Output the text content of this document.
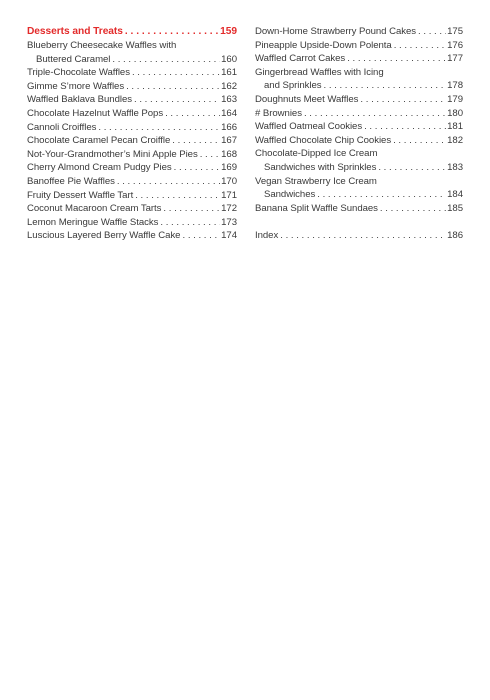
Desserts and Treats . . .	159
Blueberry Cheesecake Waffles with
Buttered Caramel . . .	160
Triple-Chocolate Waffles . . .	161
Gimme S’more Waffles . . .	162
Waffled Baklava Bundles . . .	163
Chocolate Hazelnut Waffle Pops . . .	164
Cannoli Croiffles . . .	166
Chocolate Caramel Pecan Croiffle . . .	167
Not-Your-Grandmother’s Mini Apple Pies . . . 168
Cherry Almond Cream Pudgy Pies . . .	169
Banoffee Pie Waffles . . .	170
Fruity Dessert Waffle Tart . . .	171
Coconut Macaroon Cream Tarts . . .	172
Lemon Meringue Waffle Stacks . . .	173
Luscious Layered Berry Waffle Cake . . .	174
Down-Home Strawberry Pound Cakes . . .	175
Pineapple Upside-Down Polenta . . .	176
Waffled Carrot Cakes . . .	177
Gingerbread Waffles with Icing
and Sprinkles . . .	178
Doughnuts Meet Waffles . . .	179
# Brownies . . .	180
Waffled Oatmeal Cookies . . .	181
Waffled Chocolate Chip Cookies . . .	182
Chocolate-Dipped Ice Cream
Sandwiches with Sprinkles . . .	183
Vegan Strawberry Ice Cream
Sandwiches . . .	184
Banana Split Waffle Sundaes . . .	185
Index . . .	186
